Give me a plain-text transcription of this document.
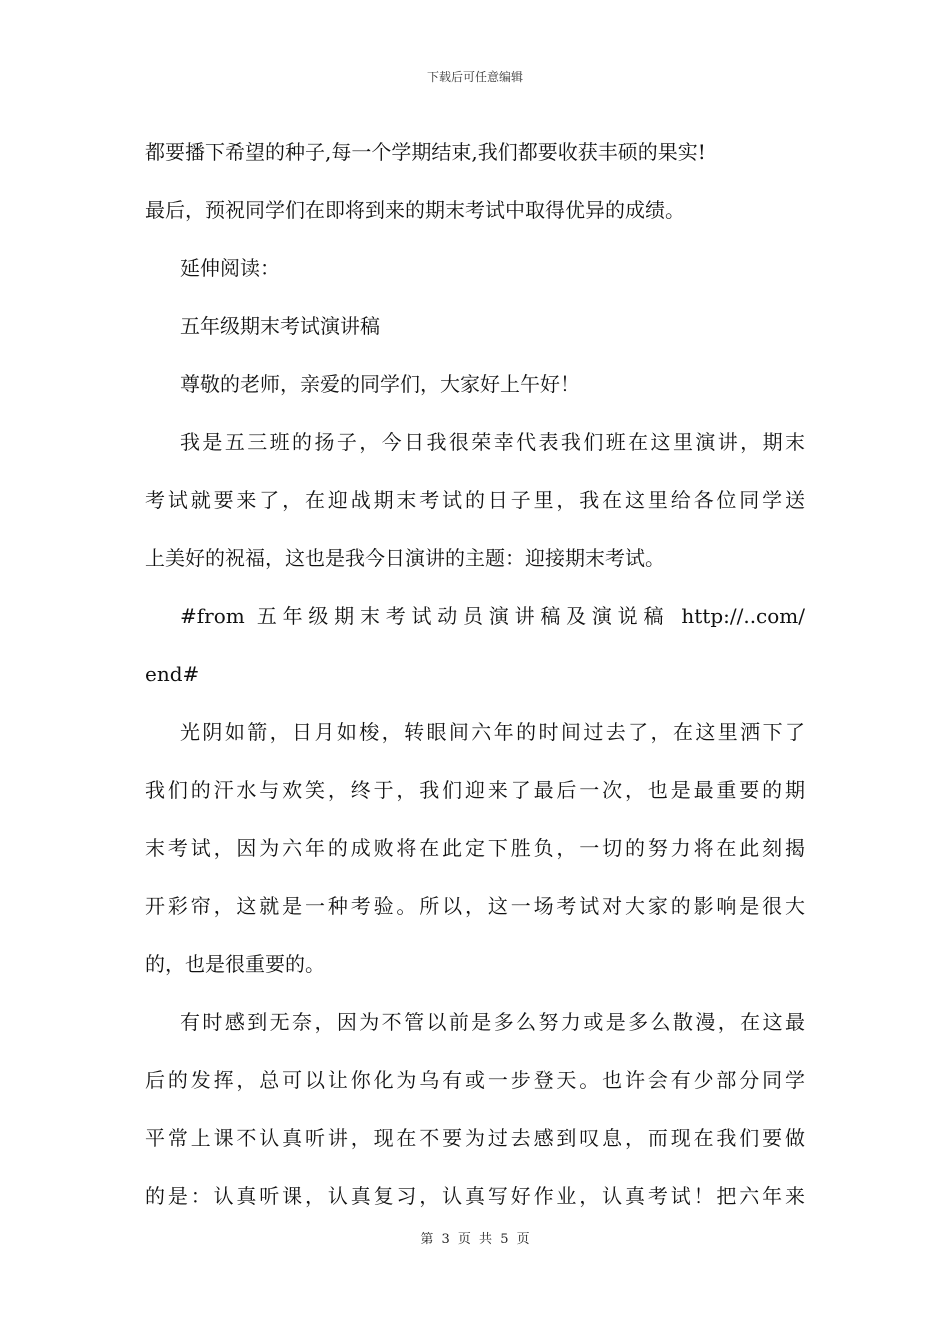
下载后可任意编辑
都要播下希望的种子,每一个学期结束,我们都要收获丰硕的果实!
最后，预祝同学们在即将到来的期末考试中取得优异的成绩。
延伸阅读：
五年级期末考试演讲稿
尊敬的老师，亲爱的同学们，大家好上午好！
我是五三班的扬子，今日我很荣幸代表我们班在这里演讲，期末
考试就要来了，在迎战期末考试的日子里，我在这里给各位同学送
上美好的祝福，这也是我今日演讲的主题：迎接期末考试。
#from 五年级期末考试动员演讲稿及演说稿 http://..com/
end#
光阴如箭，日月如梭，转眼间六年的时间过去了，在这里洒下了
我们的汗水与欢笑，终于，我们迎来了最后一次，也是最重要的期
末考试，因为六年的成败将在此定下胜负，一切的努力将在此刻揭
开彩帘，这就是一种考验。所以，这一场考试对大家的影响是很大
的，也是很重要的。
有时感到无奈，因为不管以前是多么努力或是多么散漫，在这最
后的发挥，总可以让你化为乌有或一步登天。也许会有少部分同学
平常上课不认真听讲，现在不要为过去感到叹息，而现在我们要做
的是：认真听课，认真复习，认真写好作业，认真考试！把六年来
第 3 页 共 5 页
